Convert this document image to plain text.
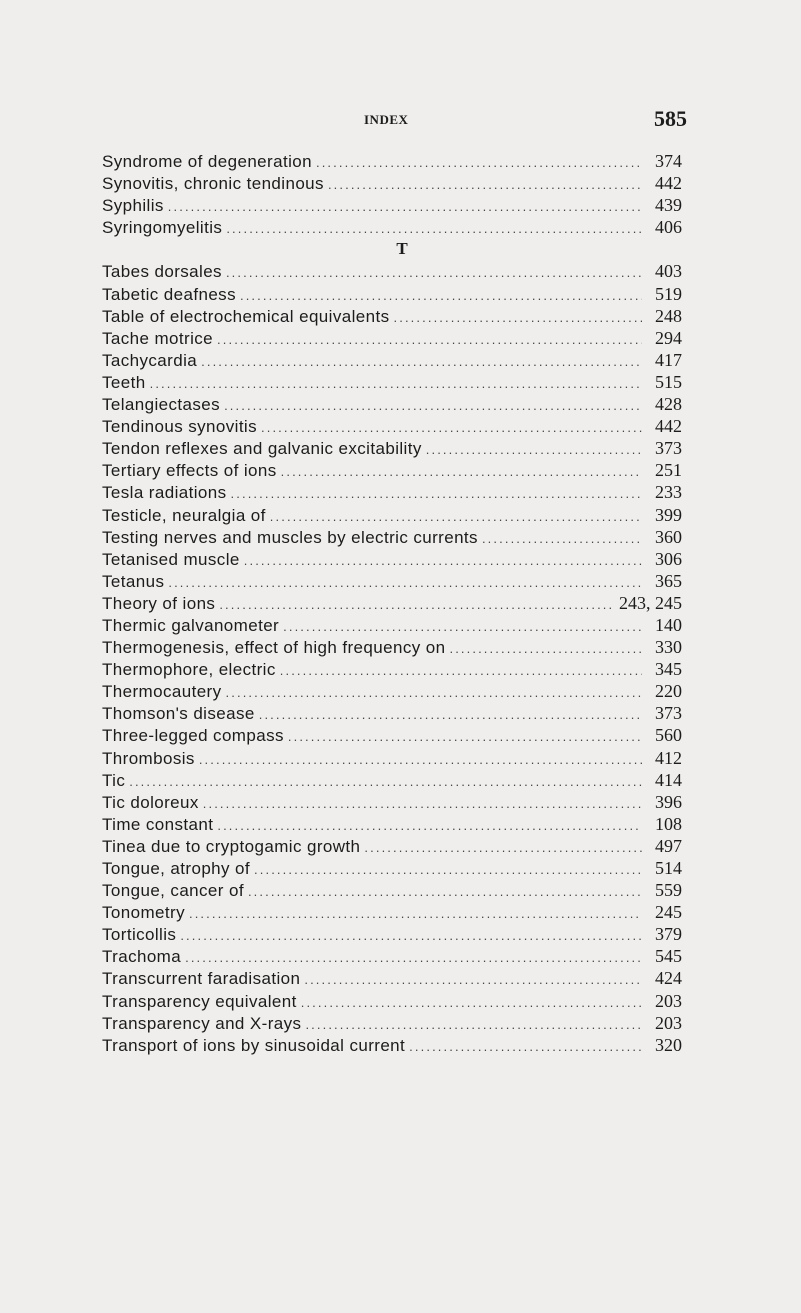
INDEX	585
Syndrome of degeneration . . .	374
Synovitis, chronic tendinous . . .	442
Syphilis . . .	439
Syringomyelitis . . .	406
T
Tabes dorsales . . .	403
Tabetic deafness . . .	519
Table of electrochemical equivalents . . .	248
Tache motrice . . .	294
Tachycardia . . .	417
Teeth . . .	515
Telangiectases . . .	428
Tendinous synovitis . . .	442
Tendon reflexes and galvanic excitability . . .	373
Tertiary effects of ions . . .	251
Tesla radiations . . .	233
Testicle, neuralgia of . . .	399
Testing nerves and muscles by electric currents . . .	360
Tetanised muscle . . .	306
Tetanus . . .	365
Theory of ions . . .	243, 245
Thermic galvanometer . . .	140
Thermogenesis, effect of high frequency on . . .	330
Thermophore, electric . . .	345
Thermocautery . . .	220
Thomson's disease . . .	373
Three-legged compass . . .	560
Thrombosis . . .	412
Tic . . .	414
Tic doloreux . . .	396
Time constant . . .	108
Tinea due to cryptogamic growth . . .	497
Tongue, atrophy of . . .	514
Tongue, cancer of . . .	559
Tonometry . . .	245
Torticollis . . .	379
Trachoma . . .	545
Transcurrent faradisation . . .	424
Transparency equivalent . . .	203
Transparency and X-rays . . .	203
Transport of ions by sinusoidal current . . .	320
